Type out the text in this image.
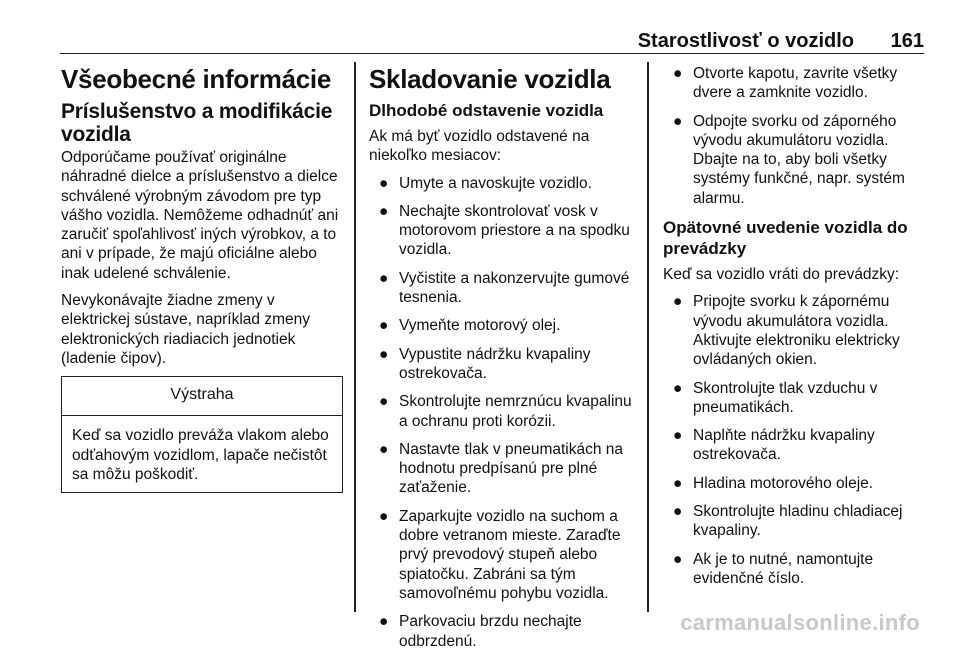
Starostlivosť o vozidlo 161
Všeobecné informácie
Príslušenstvo a modifikácie vozidla

Odporúčame používať originálne náhradné dielce a príslušenstvo a dielce schválené výrobným závodom pre typ vášho vozidla. Nemôžeme odhadnúť ani zaručiť spoľahlivosť iných výrobkov, a to ani v prípade, že majú oficiálne alebo inak udelené schválenie.

Nevykonávajte žiadne zmeny v elektrickej sústave, napríklad zmeny elektronických riadiacich jednotiek (ladenie čipov).

Výstraha
Keď sa vozidlo preváža vlakom alebo odťahovým vozidlom, lapače nečistôt sa môžu poškodiť.
Skladovanie vozidla
Dlhodobé odstavenie vozidla

Ak má byť vozidlo odstavené na niekoľko mesiacov:

● Umyte a navoskujte vozidlo.
● Nechajte skontrolovať vosk v motorovom priestore a na spodku vozidla.
● Vyčistite a nakonzervujte gumové tesnenia.
● Vymeňte motorový olej.
● Vypustite nádržku kvapaliny ostrekovača.
● Skontrolujte nemrznúcu kvapalinu a ochranu proti korózii.
● Nastavte tlak v pneumatikách na hodnotu predpísanú pre plné zaťaženie.
● Zaparkujte vozidlo na suchom a dobre vetranom mieste. Zaraďte prvý prevodový stupeň alebo spiatočku. Zabráni sa tým samovoľnému pohybu vozidla.
● Parkovaciu brzdu nechajte odbrzdenú.
● Otvorte kapotu, zavrite všetky dvere a zamknite vozidlo.
● Odpojte svorku od záporného vývodu akumulátoru vozidla. Dbajte na to, aby boli všetky systémy funkčné, napr. systém alarmu.
Opätovné uvedenie vozidla do prevádzky

Keď sa vozidlo vráti do prevádzky:

● Pripojte svorku k zápornému vývodu akumulátora vozidla. Aktivujte elektroniku elektricky ovládaných okien.
● Skontrolujte tlak vzduchu v pneumatikách.
● Naplňte nádržku kvapaliny ostrekovača.
● Hladina motorového oleje.
● Skontrolujte hladinu chladiacej kvapaliny.
● Ak je to nutné, namontujte evidenčné číslo.
carmanualsonline.info
